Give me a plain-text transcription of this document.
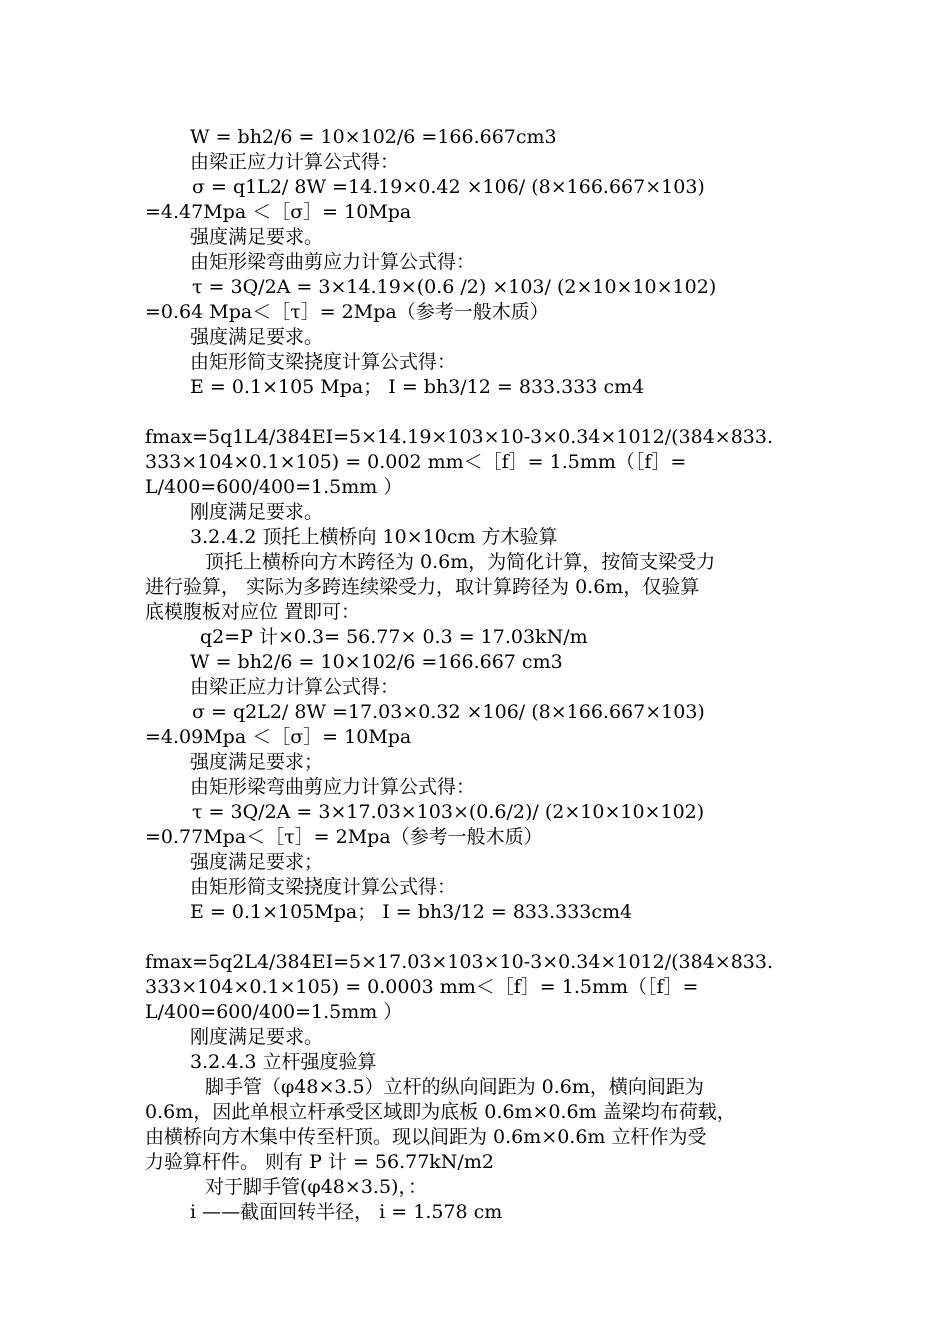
W = bh2/6 = 10×102/6 =166.667cm3
由梁正应力计算公式得：
σ = q1L2/ 8W =14.19×0.42 ×106/ (8×166.667×103)
=4.47Mpa ＜［σ］= 10Mpa
强度满足要求。
由矩形梁弯曲剪应力计算公式得：
τ = 3Q/2A = 3×14.19×(0.6 /2) ×103/ (2×10×10×102)
=0.64 Mpa＜［τ］= 2Mpa（参考一般木质）
强度满足要求。
由矩形简支梁挠度计算公式得：
E = 0.1×105 Mpa； I = bh3/12 = 833.333 cm4
fmax=5q1L4/384EI=5×14.19×103×10-3×0.34×1012/(384×833.
333×104×0.1×105) = 0.002 mm＜［f］= 1.5mm（［f］=
L/400=600/400=1.5mm ）
刚度满足要求。
3.2.4.2 顶托上横桥向 10×10cm 方木验算
顶托上横桥向方木跨径为 0.6m，为简化计算，按简支梁受力
进行验算， 实际为多跨连续梁受力，取计算跨径为 0.6m，仅验算
底模腹板对应位 置即可：
q2=P 计×0.3= 56.77× 0.3 = 17.03kN/m
W = bh2/6 = 10×102/6 =166.667 cm3
由梁正应力计算公式得：
σ = q2L2/ 8W =17.03×0.32 ×106/ (8×166.667×103)
=4.09Mpa ＜［σ］= 10Mpa
强度满足要求；
由矩形梁弯曲剪应力计算公式得：
τ = 3Q/2A = 3×17.03×103×(0.6/2)/ (2×10×10×102)
=0.77Mpa＜［τ］= 2Mpa（参考一般木质）
强度满足要求；
由矩形简支梁挠度计算公式得：
E = 0.1×105Mpa； I = bh3/12 = 833.333cm4
fmax=5q2L4/384EI=5×17.03×103×10-3×0.34×1012/(384×833.
333×104×0.1×105) = 0.0003 mm＜［f］= 1.5mm（［f］=
L/400=600/400=1.5mm ）
刚度满足要求。
3.2.4.3 立杆强度验算
脚手管（φ48×3.5）立杆的纵向间距为 0.6m，横向间距为
0.6m，因此单根立杆承受区域即为底板 0.6m×0.6m 盖梁均布荷载，
由横桥向方木集中传至杆顶。现以间距为 0.6m×0.6m 立杆作为受
力验算杆件。 则有 P 计 = 56.77kN/m2
对于脚手管(φ48×3.5)，：
i ——截面回转半径， i = 1.578 cm
